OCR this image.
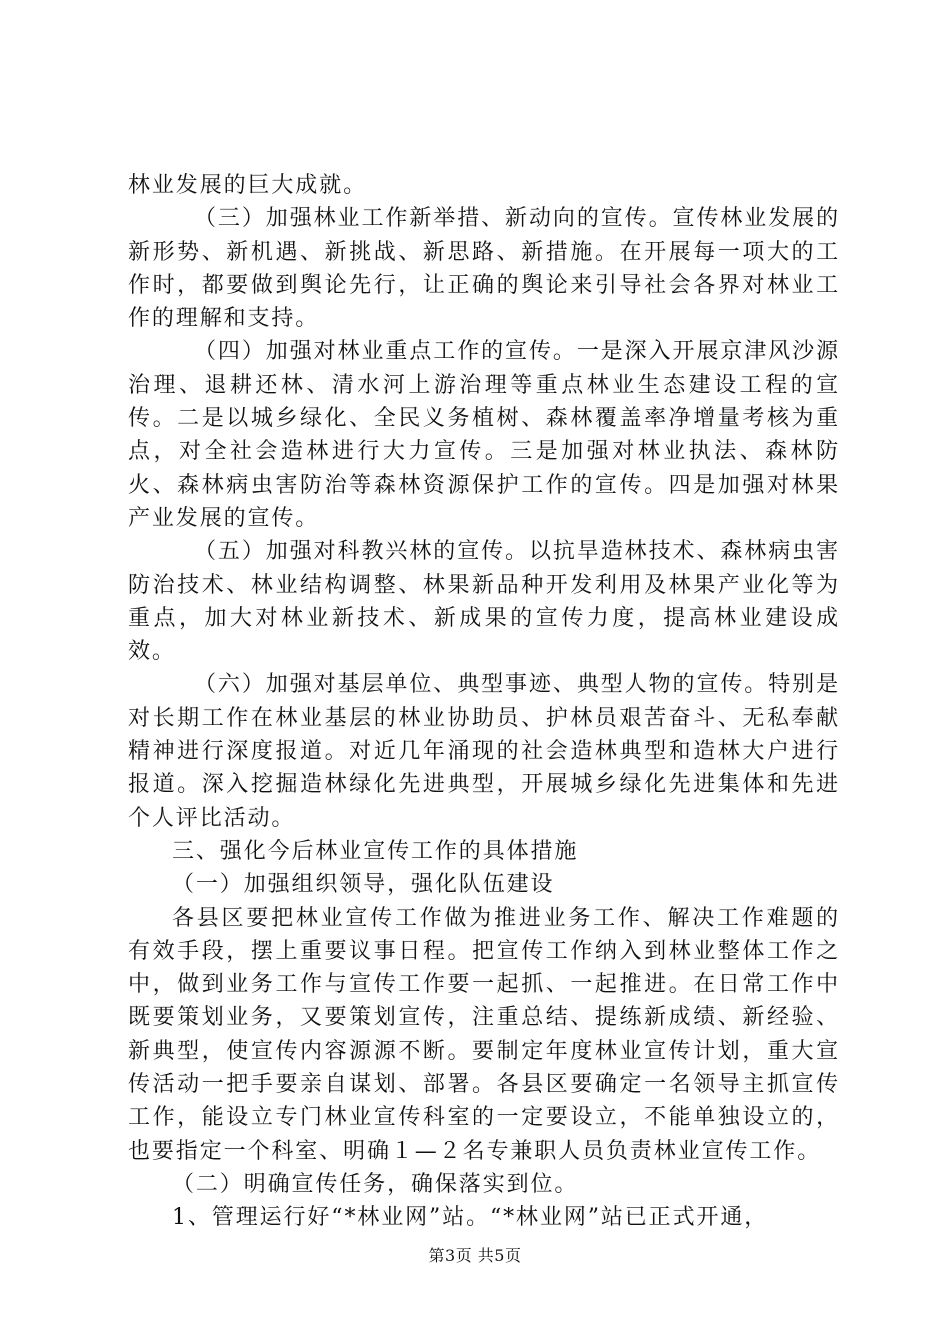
林业发展的巨大成就。

（三）加强林业工作新举措、新动向的宣传。宣传林业发展的新形势、新机遇、新挑战、新思路、新措施。在开展每一项大的工作时，都要做到舆论先行，让正确的舆论来引导社会各界对林业工作的理解和支持。

（四）加强对林业重点工作的宣传。一是深入开展京津风沙源治理、退耕还林、清水河上游治理等重点林业生态建设工程的宣传。二是以城乡绿化、全民义务植树、森林覆盖率净增量考核为重点，对全社会造林进行大力宣传。三是加强对林业执法、森林防火、森林病虫害防治等森林资源保护工作的宣传。四是加强对林果产业发展的宣传。

（五）加强对科教兴林的宣传。以抗旱造林技术、森林病虫害防治技术、林业结构调整、林果新品种开发利用及林果产业化等为重点，加大对林业新技术、新成果的宣传力度，提高林业建设成效。

（六）加强对基层单位、典型事迹、典型人物的宣传。特别是对长期工作在林业基层的林业协助员、护林员艰苦奋斗、无私奉献精神进行深度报道。对近几年涌现的社会造林典型和造林大户进行报道。深入挖掘造林绿化先进典型，开展城乡绿化先进集体和先进个人评比活动。

三、强化今后林业宣传工作的具体措施

（一）加强组织领导，强化队伍建设

各县区要把林业宣传工作做为推进业务工作、解决工作难题的有效手段，摆上重要议事日程。把宣传工作纳入到林业整体工作之中，做到业务工作与宣传工作要一起抓、一起推进。在日常工作中既要策划业务，又要策划宣传，注重总结、提练新成绩、新经验、新典型，使宣传内容源源不断。要制定年度林业宣传计划，重大宣传活动一把手要亲自谋划、部署。各县区要确定一名领导主抓宣传工作，能设立专门林业宣传科室的一定要设立，不能单独设立的，也要指定一个科室、明确１—２名专兼职人员负责林业宣传工作。

（二）明确宣传任务，确保落实到位。

1、管理运行好“*林业网”站。“*林业网”站已正式开通，

第3页 共5页
